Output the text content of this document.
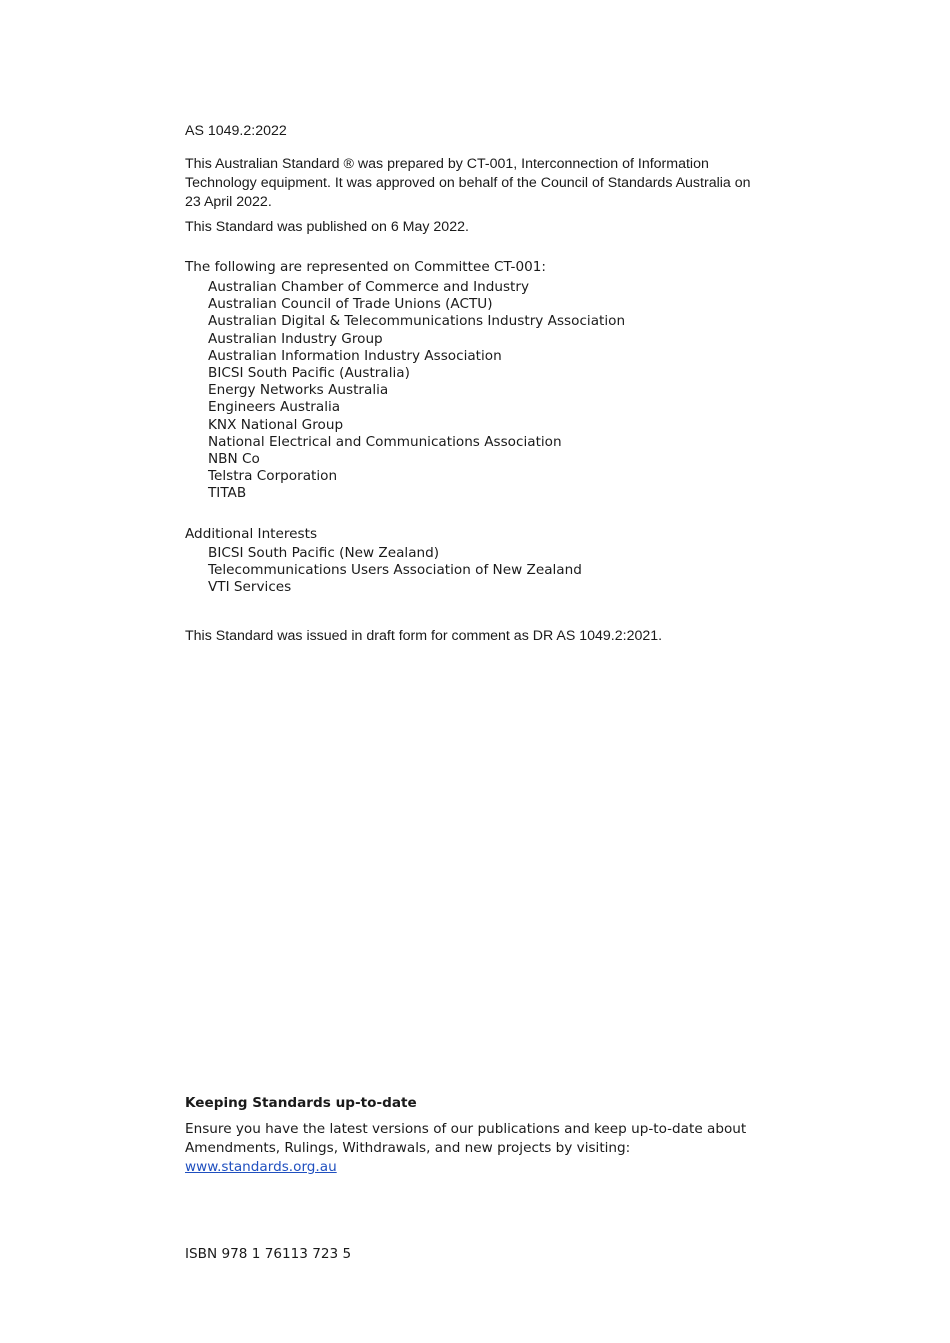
AS 1049.2:2022

This Australian Standard ® was prepared by CT-001, Interconnection of Information
Technology equipment. It was approved on behalf of the Council of Standards Australia on
23 April 2022.

This Standard was published on 6 May 2022.

The following are represented on Committee CT-001:

Australian Chamber of Commerce and Industry
Australian Council of Trade Unions (ACTU)
Australian Digital & Telecommunications Industry Association
Australian Industry Group
Australian Information Industry Association
BICSI South Pacific (Australia)
Energy Networks Australia
Engineers Australia
KNX National Group
National Electrical and Communications Association
NBN Co
Telstra Corporation
TITAB

Additional Interests

BICSI South Pacific (New Zealand)
Telecommunications Users Association of New Zealand
VTI Services

This Standard was issued in draft form for comment as DR AS 1049.2:2021.

Keeping Standards up-to-date

Ensure you have the latest versions of our publications and keep up-to-date about
Amendments, Rulings, Withdrawals, and new projects by visiting:
www.standards.org.au

ISBN 978 1 76113 723 5
